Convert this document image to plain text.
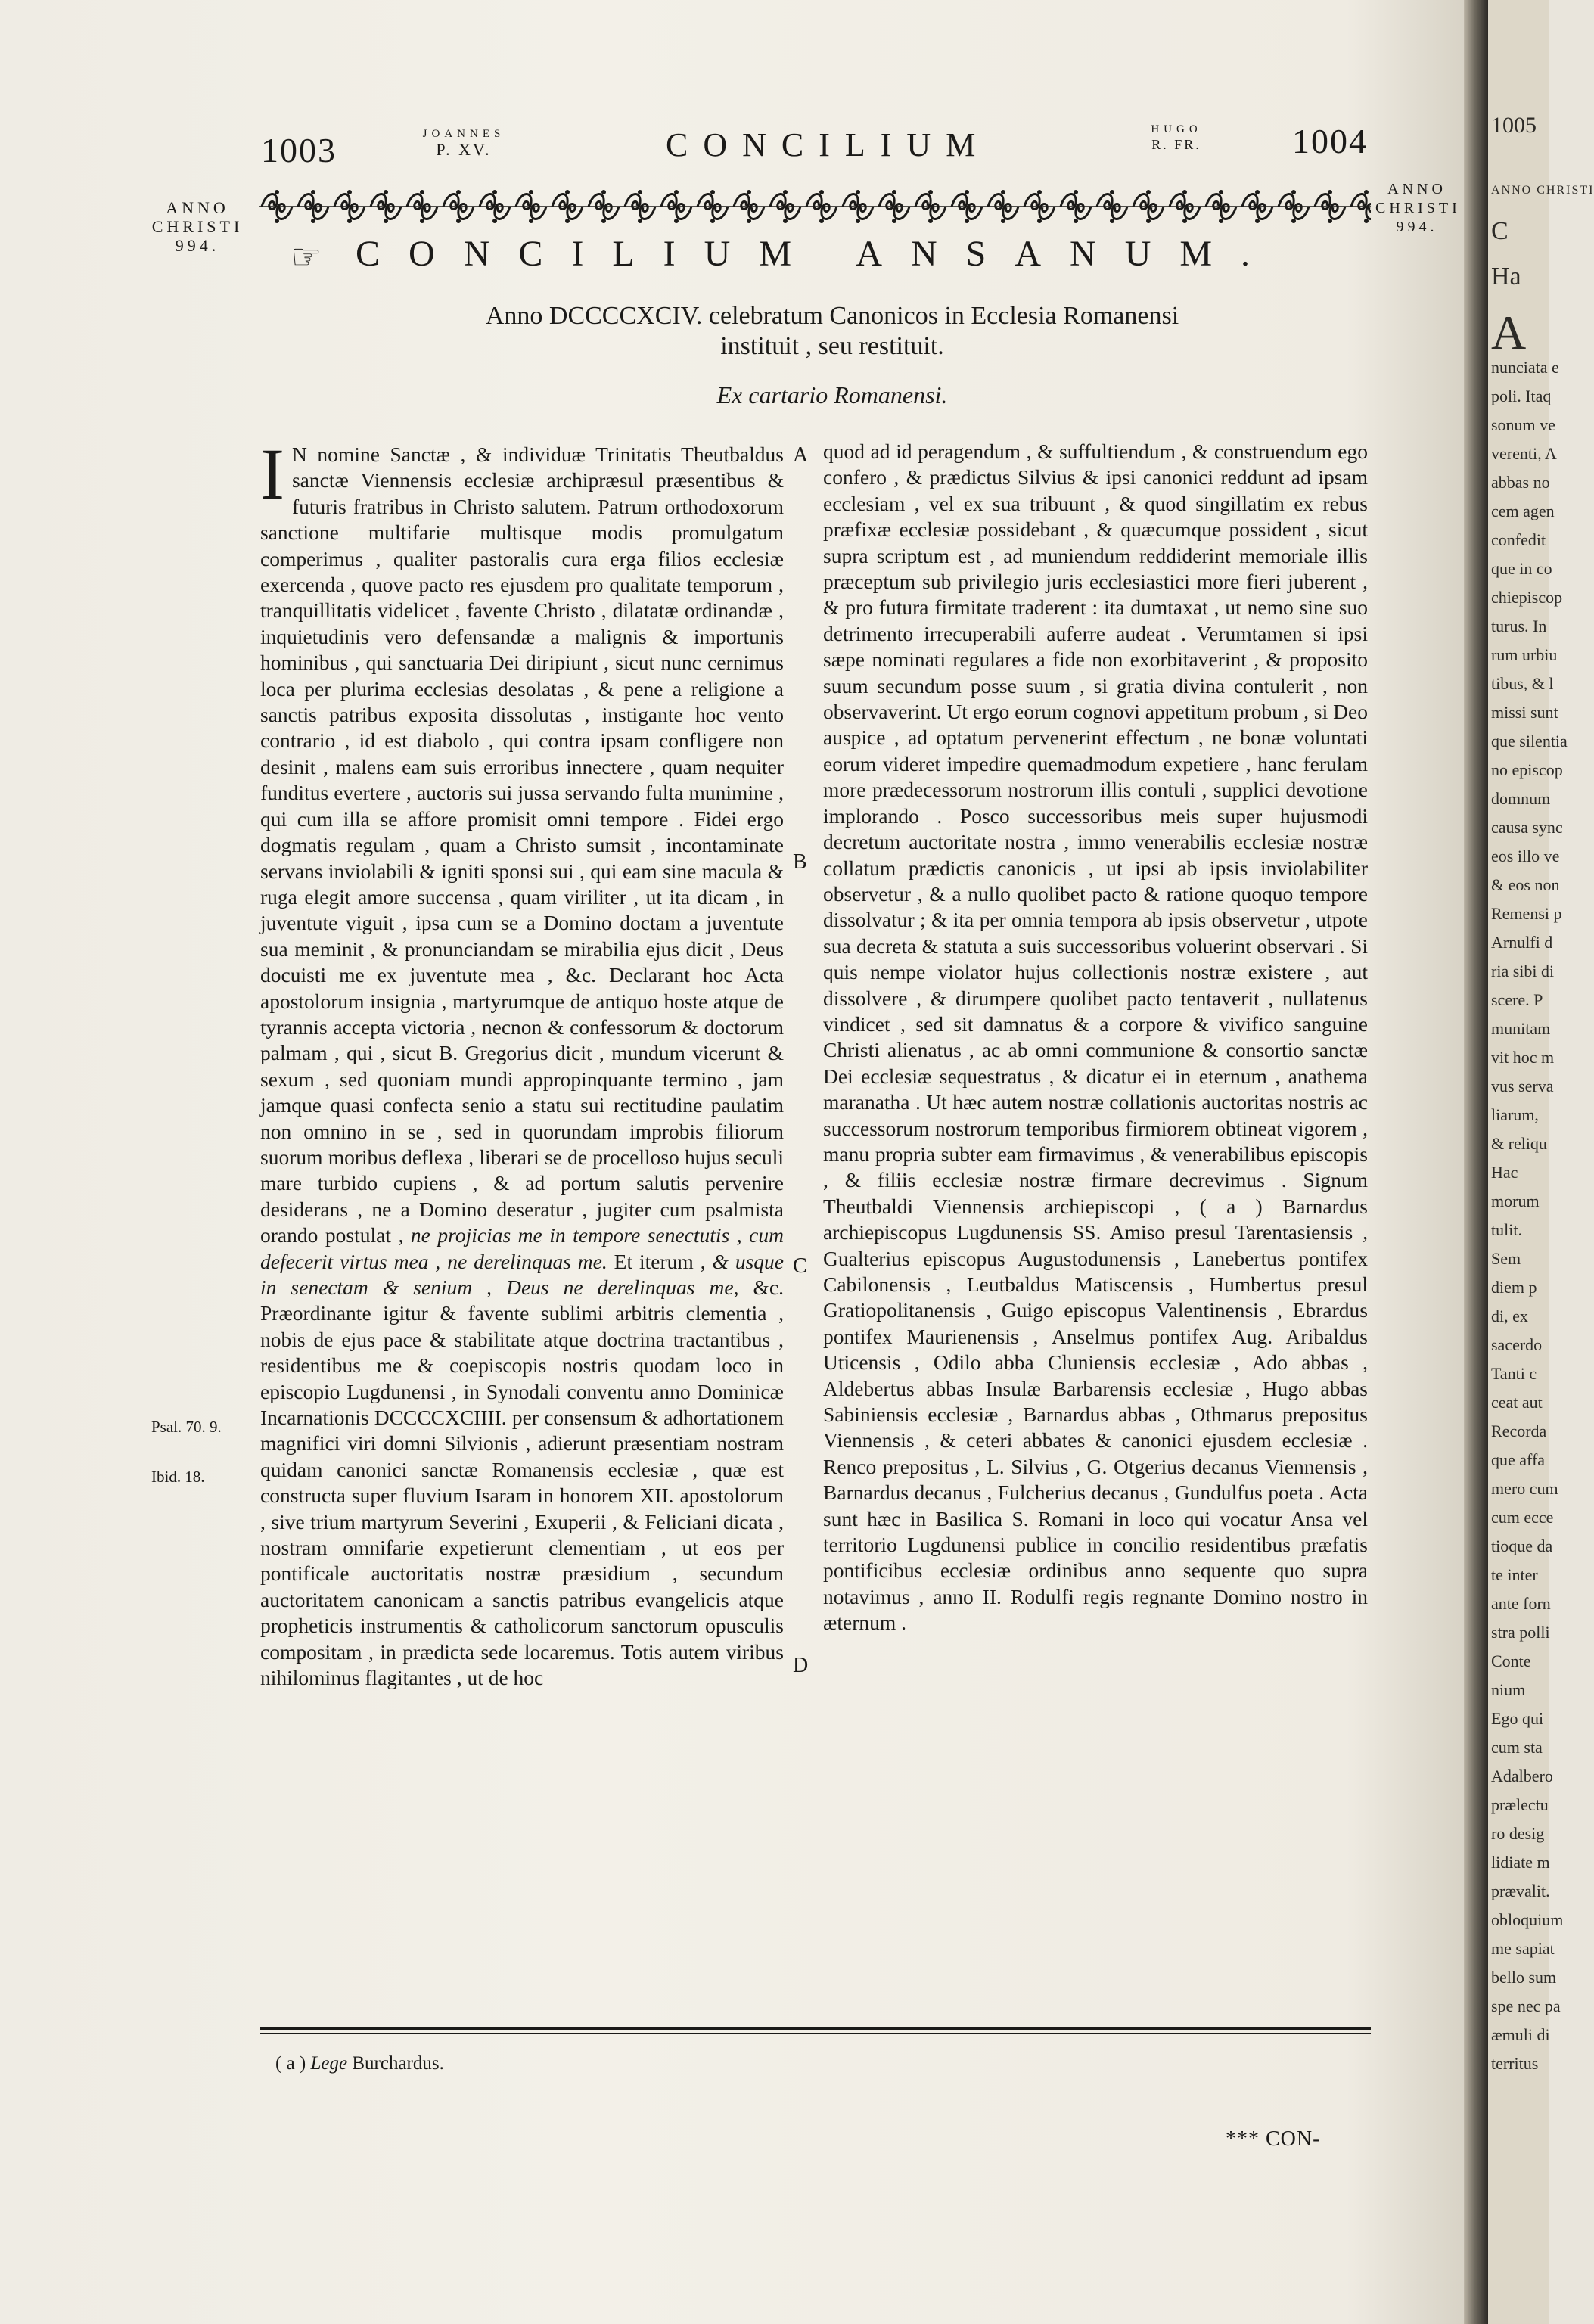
1003	JOANNES
P. XV.	CONCILIUM	HUGO
R. FR.	1004
ANNO
CHRISTI
994.
ANNO
CHRISTI
994.
☞ CONCILIUM ANSANUM.
Anno DCCCCXCIV. celebratum Canonicos in Ecclesia Romanensi
instituit , seu restituit.
Ex cartario Romanensi.
A
B
C
D
Psal. 70. 9.
Ibid. 18.

I N nomine Sanctæ , & individuæ Trinitatis Theutbaldus sanctæ Viennensis ecclesiæ archipræsul præsentibus & futuris fratribus in Christo salutem. Patrum orthodoxorum sanctione multifarie multisque modis promulgatum comperimus , qualiter pastoralis cura erga filios ecclesiæ exercenda , quove pacto res ejusdem pro qualitate temporum , tranquillitatis videlicet , favente Christo , dilatatæ ordinandæ , inquietudinis vero defensandæ a malignis & importunis hominibus , qui sanctuaria Dei diripiunt , sicut nunc cernimus loca per plurima ecclesias desolatas , & pene a religione a sanctis patribus exposita dissolutas , instigante hoc vento contrario , id est diabolo , qui contra ipsam confligere non desinit , malens eam suis erroribus innectere , quam nequiter funditus evertere , auctoris sui jussa servando fulta munimine , qui cum illa se affore promisit omni tempore . Fidei ergo dogmatis regulam , quam a Christo sumsit , incontaminate servans inviolabili & igniti sponsi sui , qui eam sine macula & ruga elegit amore succensa , quam viriliter , ut ita dicam , in juventute viguit , ipsa cum se a Domino doctam a juventute sua meminit , & pronunciandam se mirabilia ejus dicit , Deus docuisti me ex juventute mea , &c. Declarant hoc Acta apostolorum insignia , martyrumque de antiquo hoste atque de tyrannis accepta victoria , necnon & confessorum & doctorum palmam , qui , sicut B. Gregorius dicit , mundum vicerunt & sexum , sed quoniam mundi appropinquante termino , jam jamque quasi confecta senio a statu sui rectitudine paulatim non omnino in se , sed in quorundam improbis filiorum suorum moribus deflexa , liberari se de procelloso hujus seculi mare turbido cupiens , & ad portum salutis pervenire desiderans , ne a Domino deseratur , jugiter cum psalmista orando postulat , ne projicias me in tempore senectutis , cum defecerit virtus mea , ne derelinquas me. Et iterum , & usque in senectam & senium , Deus ne derelinquas me, &c. Præordinante igitur & favente sublimi arbitris clementia , nobis de ejus pace & stabilitate atque doctrina tractantibus , residentibus me & coepiscopis nostris quodam loco in episcopio Lugdunensi , in Synodali conventu anno Dominicæ Incarnationis DCCCCXCIIII. per consensum & adhortationem magnifici viri domni Silvionis , adierunt præsentiam nostram quidam canonici sanctæ Romanensis ecclesiæ , quæ est constructa super fluvium Isaram in honorem XII. apostolorum , sive trium martyrum Severini , Exuperii , & Feliciani dicata , nostram omnifarie expetierunt clementiam , ut eos per pontificale auctoritatis nostræ præsidium , secundum auctoritatem canonicam a sanctis patribus evangelicis atque propheticis instrumentis & catholicorum sanctorum opusculis compositam , in prædicta sede locaremus. Totis autem viribus nihilominus flagitantes , ut de hoc

quod ad id peragendum , & suffultiendum , & construendum ego confero , & prædictus Silvius & ipsi canonici reddunt ad ipsam ecclesiam , vel ex sua tribuunt , & quod singillatim ex rebus præfixæ ecclesiæ possidebant , & quæcumque possident , sicut supra scriptum est , ad muniendum reddiderint memoriale illis præceptum sub privilegio juris ecclesiastici more fieri juberent , & pro futura firmitate traderent : ita dumtaxat , ut nemo sine suo detrimento irrecuperabili auferre audeat . Verumtamen si ipsi sæpe nominati regulares a fide non exorbitaverint , & proposito suum secundum posse suum , si gratia divina contulerit , non observaverint. Ut ergo eorum cognovi appetitum probum , si Deo auspice , ad optatum pervenerint effectum , ne bonæ voluntati eorum videret impedire quemadmodum expetiere , hanc ferulam more prædecessorum nostrorum illis contuli , supplici devotione implorando . Posco successoribus meis super hujusmodi decretum auctoritate nostra , immo venerabilis ecclesiæ nostræ collatum prædictis canonicis , ut ipsi ab ipsis inviolabiliter observetur , & a nullo quolibet pacto & ratione quoquo tempore dissolvatur ; & ita per omnia tempora ab ipsis observetur , utpote sua decreta & statuta a suis successoribus voluerint observari . Si quis nempe violator hujus collectionis nostræ existere , aut dissolvere , & dirumpere quolibet pacto tentaverit , nullatenus vindicet , sed sit damnatus & a corpore & vivifico sanguine Christi alienatus , ac ab omni communione & consortio sanctæ Dei ecclesiæ sequestratus , & dicatur ei in eternum , anathema maranatha . Ut hæc autem nostræ collationis auctoritas nostris ac successorum nostrorum temporibus firmiorem obtineat vigorem , manu propria subter eam firmavimus , & venerabilibus episcopis , & filiis ecclesiæ nostræ firmare decrevimus . Signum Theutbaldi Viennensis archiepiscopi , ( a ) Barnardus archiepiscopus Lugdunensis SS. Amiso presul Tarentasiensis , Gualterius episcopus Augustodunensis , Lanebertus pontifex Cabilonensis , Leutbaldus Matiscensis , Humbertus presul Gratiopolitanensis , Guigo episcopus Valentinensis , Ebrardus pontifex Maurienensis , Anselmus pontifex Aug. Aribaldus Uticensis , Odilo abba Cluniensis ecclesiæ , Ado abbas , Aldebertus abbas Insulæ Barbarensis ecclesiæ , Hugo abbas Sabiniensis ecclesiæ , Barnardus abbas , Othmarus prepositus Viennensis , & ceteri abbates & canonici ejusdem ecclesiæ . Renco prepositus , L. Silvius , G. Otgerius decanus Viennensis , Barnardus decanus , Fulcherius decanus , Gundulfus poeta . Acta sunt hæc in Basilica S. Romani in loco qui vocatur Ansa vel territorio Lugdunensi publice in concilio residentibus præfatis pontificibus ecclesiæ ordinibus anno sequente quo supra notavimus , anno II. Rodulfi regis regnante Domino nostro in æternum .

( a ) Lege Burchardus.
*** CON-
1005
ANNO CHRISTI
C
Ha
A
nunciata e
poli. Itaq
sonum ve
verenti, A
abbas no
cem agen
confedit
que in co
chiepiscop
turus. In
rum urbiu
tibus, & l
missi sunt
que silentia
no episcop
domnum
causa sync
eos illo ve
& eos non
Remensi p
Arnulfi d
ria sibi di
scere. P
munitam
vit hoc m
vus serva
liarum,
& reliqu
Hac
morum
tulit.
Sem
diem p
di, ex
sacerdo
Tanti c
ceat aut
Recorda
que affa
mero cum
cum ecce
tioque da
te inter
ante forn
stra polli
Conte
nium
Ego qui
cum sta
Adalbero
prælectu
ro desig
lidiate m
prævalit.
obloquium
me sapiat
bello sum
spe nec pa
æmuli di
territus
